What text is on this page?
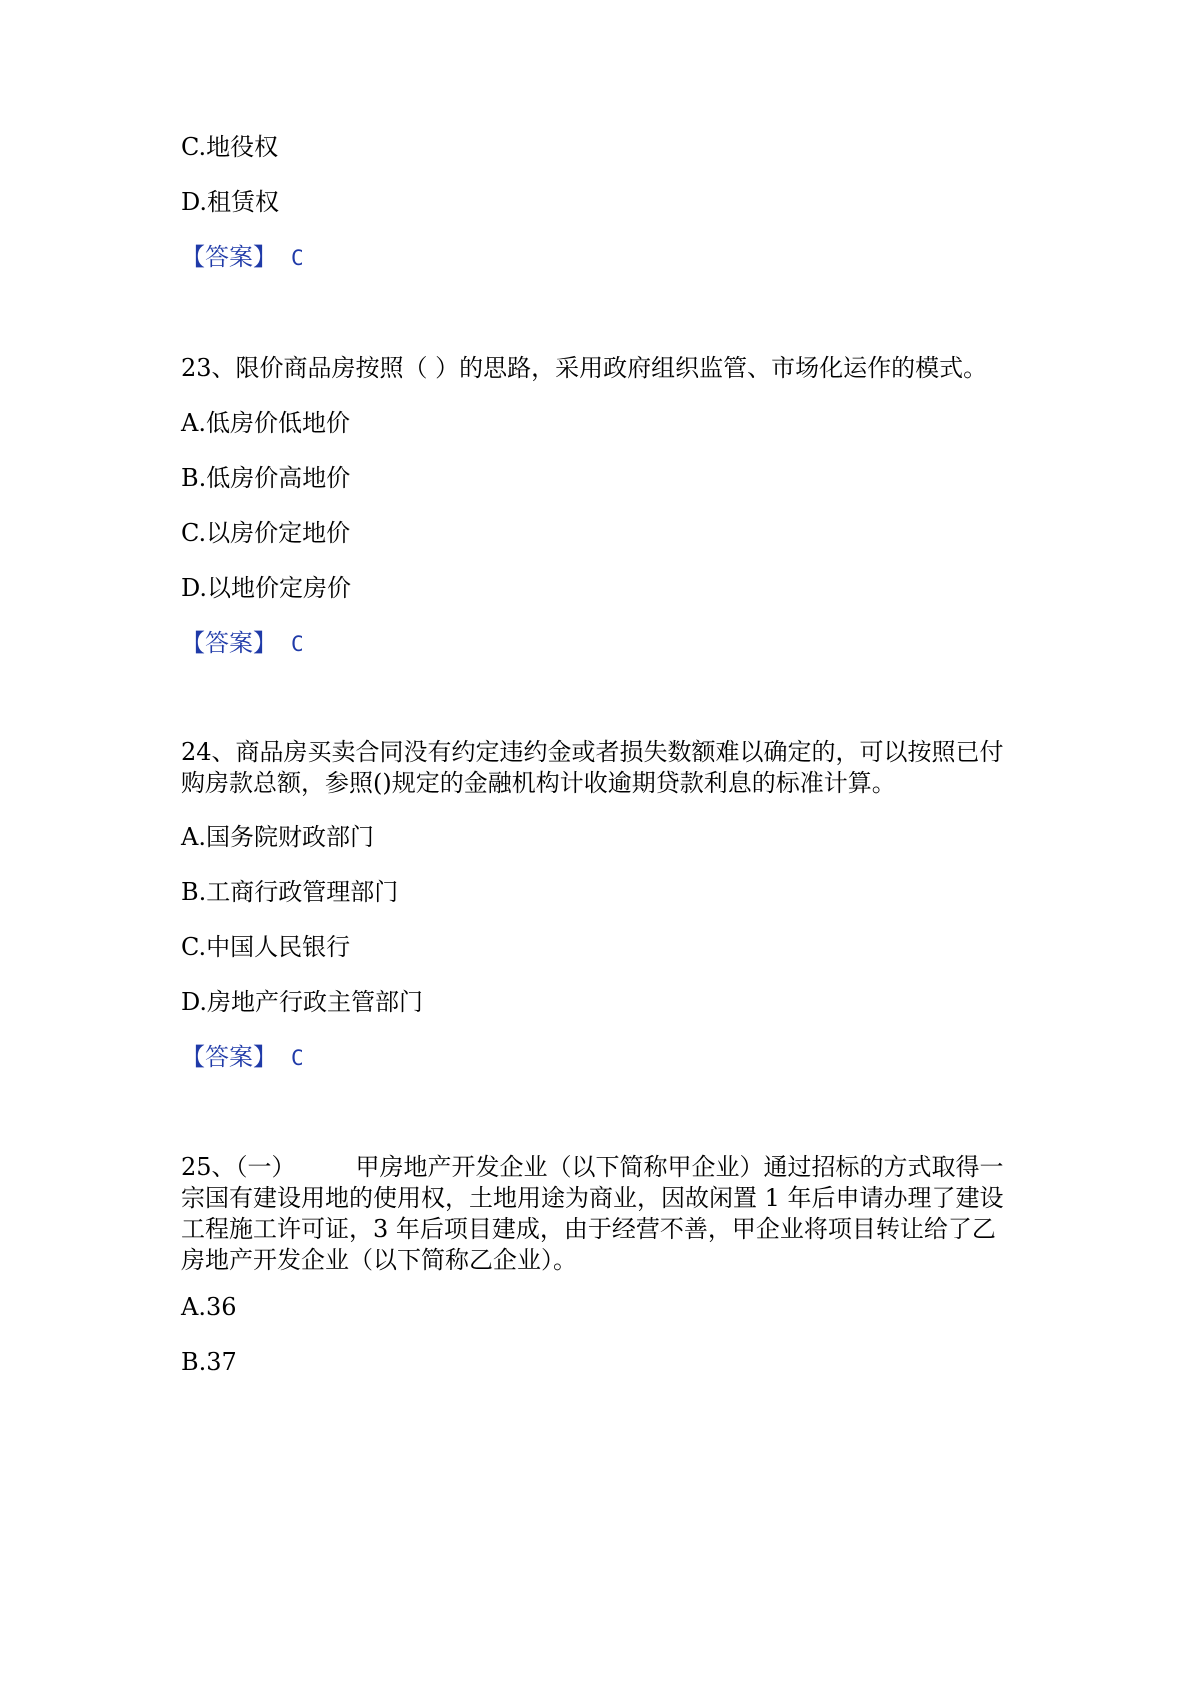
C.地役权
D.租赁权
【答案】 C
23、限价商品房按照（ ）的思路，采用政府组织监管、市场化运作的模式。
A.低房价低地价
B.低房价高地价
C.以房价定地价
D.以地价定房价
【答案】 C
24、商品房买卖合同没有约定违约金或者损失数额难以确定的，可以按照已付
购房款总额，参照()规定的金融机构计收逾期贷款利息的标准计算。
A.国务院财政部门
B.工商行政管理部门
C.中国人民银行
D.房地产行政主管部门
【答案】 C
25、（一）	甲房地产开发企业（以下简称甲企业）通过招标的方式取得一
宗国有建设用地的使用权，土地用途为商业，因故闲置 1 年后申请办理了建设
工程施工许可证，3 年后项目建成，由于经营不善，甲企业将项目转让给了乙
房地产开发企业（以下简称乙企业）。
A.36
B.37
